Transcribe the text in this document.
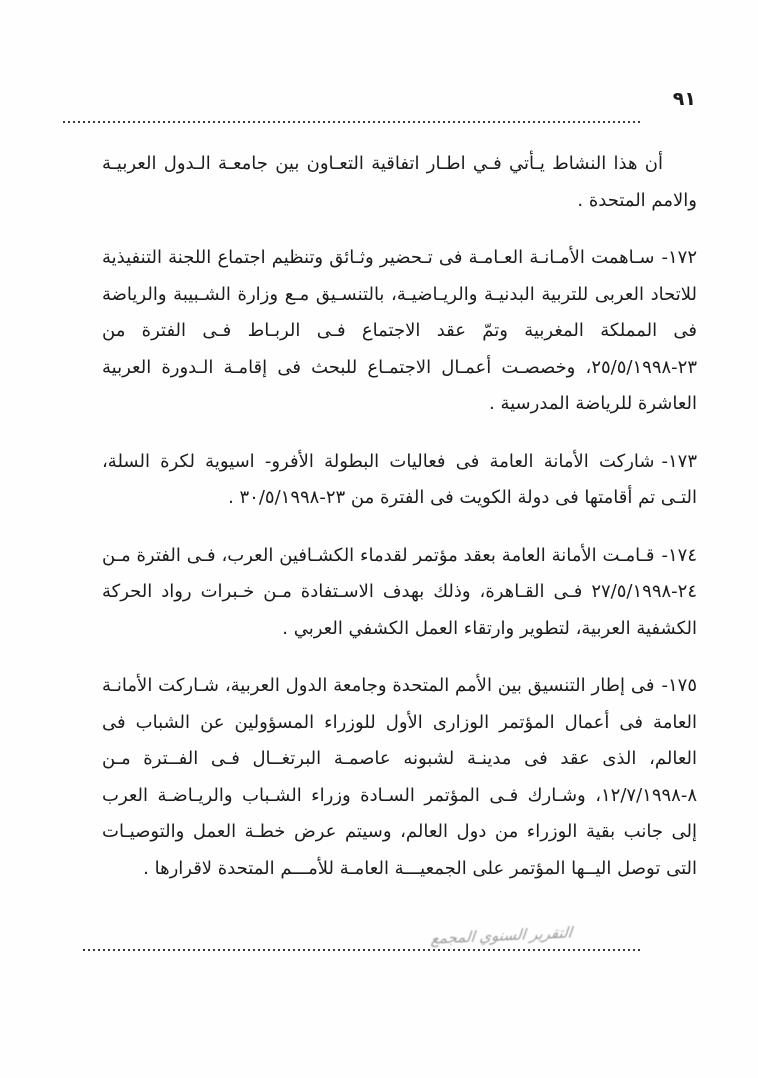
٩١

أن هذا النشاط يـأتي فـي اطـار اتفاقية التعـاون بين جامعـة الـدول العربيـة والامم المتحدة .

١٧٢-سـاهمت الأمـانـة العـامـة فى تـحضير وثـائق وتنظيم اجتماع اللجنة التنفيذية للاتحاد العربى للتربية البدنيـة والريـاضيـة، بالتنسـيق مـع وزارة الشـبيبة والرياضة فى المملكة المغربية وتمّ عقد الاجتماع فـى الربـاط فـى الفترة من ٢٣-٢٥/٥/١٩٩٨، وخصصـت أعمـال الاجتمـاع للبحث فى إقامـة الـدورة العربية العاشرة للرياضة المدرسية .

١٧٣-شاركت الأمانة العامة فى فعاليات البطولة الأفرو- اسيوية لكرة السلة، التـى تم أقامتها فى دولة الكويت فى الفترة من ٢٣-٣٠/٥/١٩٩٨ .

١٧٤-قـامـت الأمانة العامة بعقد مؤتمر لقدماء الكشـافين العرب، فـى الفترة مـن ٢٤-٢٧/٥/١٩٩٨ فـى القـاهرة، وذلك بهدف الاسـتفادة مـن خـبرات رواد الحركة الكشفية العربية، لتطوير وارتقاء العمل الكشفي العربي .

١٧٥-فى إطار التنسيق بين الأمم المتحدة وجامعة الدول العربية، شـاركت الأمانـة العامة فى أعمال المؤتمر الوزارى الأول للوزراء المسؤولين عن الشباب فى العالم، الذى عقد فى مدينـة لشبونه عاصمـة البرتغــال فـى الفــترة مـن ٨-١٢/٧/١٩٩٨، وشـارك فـى المؤتمر السـادة وزراء الشـباب والريـاضـة العرب إلى جانب بقية الوزراء من دول العالم، وسيتم عرض خطـة العمل والتوصيـات التى توصل اليــها المؤتمر على الجمعيـــة العامـة للأمـــم المتحدة لاقرارها .

التقرير السنوي المجمع
